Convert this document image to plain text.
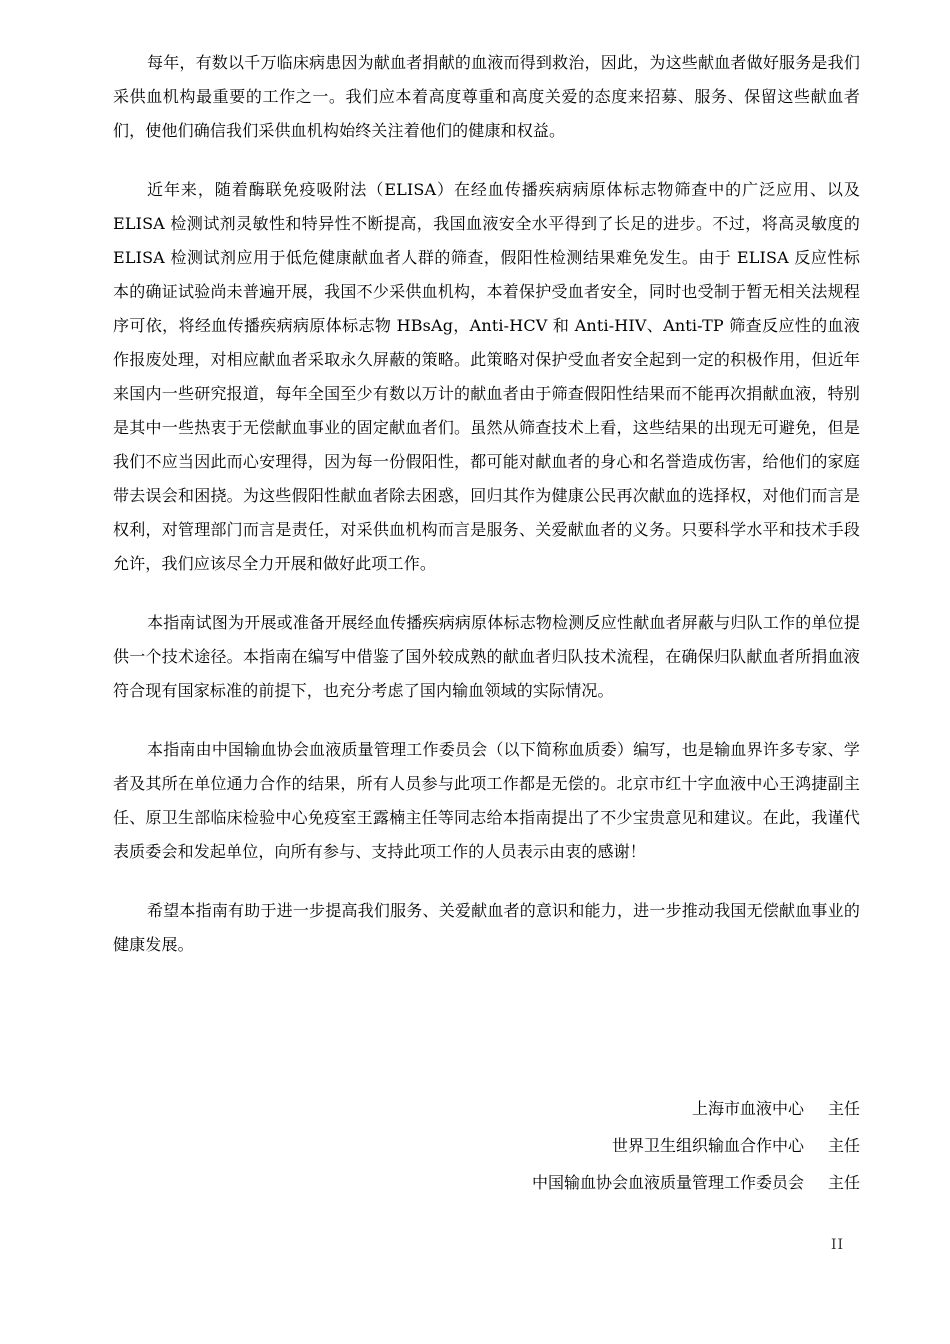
每年，有数以千万临床病患因为献血者捐献的血液而得到救治，因此，为这些献血者做好服务是我们采供血机构最重要的工作之一。我们应本着高度尊重和高度关爱的态度来招募、服务、保留这些献血者们，使他们确信我们采供血机构始终关注着他们的健康和权益。

近年来，随着酶联免疫吸附法（ELISA）在经血传播疾病病原体标志物筛查中的广泛应用、以及 ELISA 检测试剂灵敏性和特异性不断提高，我国血液安全水平得到了长足的进步。不过，将高灵敏度的 ELISA 检测试剂应用于低危健康献血者人群的筛查，假阳性检测结果难免发生。由于 ELISA 反应性标本的确证试验尚未普遍开展，我国不少采供血机构，本着保护受血者安全，同时也受制于暂无相关法规程序可依，将经血传播疾病病原体标志物 HBsAg，Anti-HCV 和 Anti-HIV、Anti-TP 筛查反应性的血液作报废处理，对相应献血者采取永久屏蔽的策略。此策略对保护受血者安全起到一定的积极作用，但近年来国内一些研究报道，每年全国至少有数以万计的献血者由于筛查假阳性结果而不能再次捐献血液，特别是其中一些热衷于无偿献血事业的固定献血者们。虽然从筛查技术上看，这些结果的出现无可避免，但是我们不应当因此而心安理得，因为每一份假阳性，都可能对献血者的身心和名誉造成伤害，给他们的家庭带去误会和困挠。为这些假阳性献血者除去困惑，回归其作为健康公民再次献血的选择权，对他们而言是权利，对管理部门而言是责任，对采供血机构而言是服务、关爱献血者的义务。只要科学水平和技术手段允许，我们应该尽全力开展和做好此项工作。

本指南试图为开展或准备开展经血传播疾病病原体标志物检测反应性献血者屏蔽与归队工作的单位提供一个技术途径。本指南在编写中借鉴了国外较成熟的献血者归队技术流程，在确保归队献血者所捐血液符合现有国家标准的前提下，也充分考虑了国内输血领域的实际情况。

本指南由中国输血协会血液质量管理工作委员会（以下简称血质委）编写，也是输血界许多专家、学者及其所在单位通力合作的结果，所有人员参与此项工作都是无偿的。北京市红十字血液中心王鸿捷副主任、原卫生部临床检验中心免疫室王露楠主任等同志给本指南提出了不少宝贵意见和建议。在此，我谨代表质委会和发起单位，向所有参与、支持此项工作的人员表示由衷的感谢！

希望本指南有助于进一步提高我们服务、关爱献血者的意识和能力，进一步推动我国无偿献血事业的健康发展。

上海市血液中心 主任
世界卫生组织输血合作中心 主任
中国输血协会血液质量管理工作委员会 主任
II
